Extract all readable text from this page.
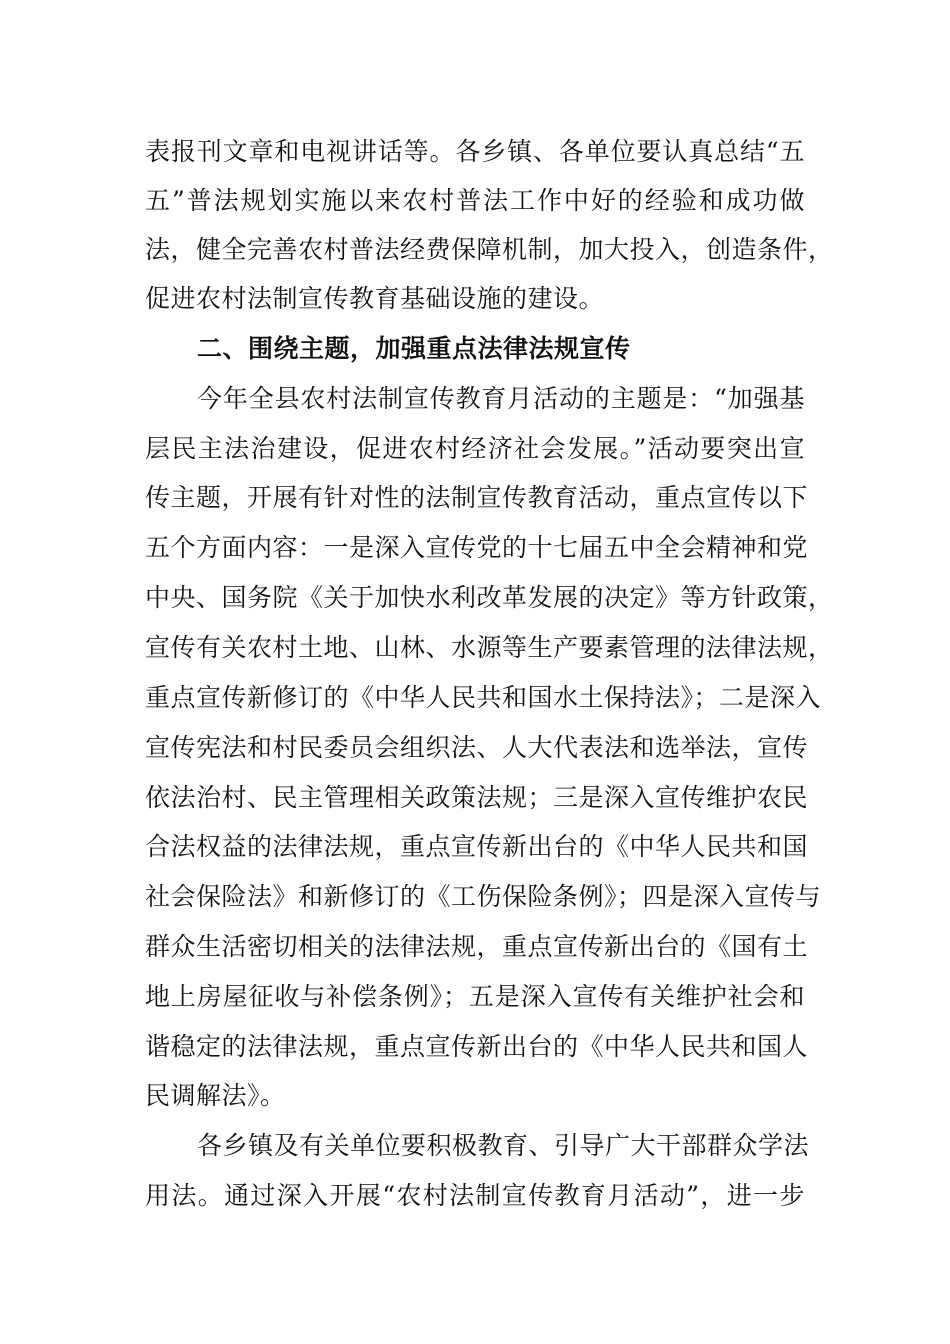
表报刊文章和电视讲话等。各乡镇、各单位要认真总结“五
五”普法规划实施以来农村普法工作中好的经验和成功做
法，健全完善农村普法经费保障机制，加大投入，创造条件，
促进农村法制宣传教育基础设施的建设。
二、围绕主题，加强重点法律法规宣传
今年全县农村法制宣传教育月活动的主题是：“加强基
层民主法治建设，促进农村经济社会发展。”活动要突出宣
传主题，开展有针对性的法制宣传教育活动，重点宣传以下
五个方面内容：一是深入宣传党的十七届五中全会精神和党
中央、国务院《关于加快水利改革发展的决定》等方针政策，
宣传有关农村土地、山林、水源等生产要素管理的法律法规，
重点宣传新修订的《中华人民共和国水土保持法》；二是深入
宣传宪法和村民委员会组织法、人大代表法和选举法，宣传
依法治村、民主管理相关政策法规；三是深入宣传维护农民
合法权益的法律法规，重点宣传新出台的《中华人民共和国
社会保险法》和新修订的《工伤保险条例》；四是深入宣传与
群众生活密切相关的法律法规，重点宣传新出台的《国有土
地上房屋征收与补偿条例》；五是深入宣传有关维护社会和
谐稳定的法律法规，重点宣传新出台的《中华人民共和国人
民调解法》。
各乡镇及有关单位要积极教育、引导广大干部群众学法
用法。通过深入开展“农村法制宣传教育月活动”，进一步
